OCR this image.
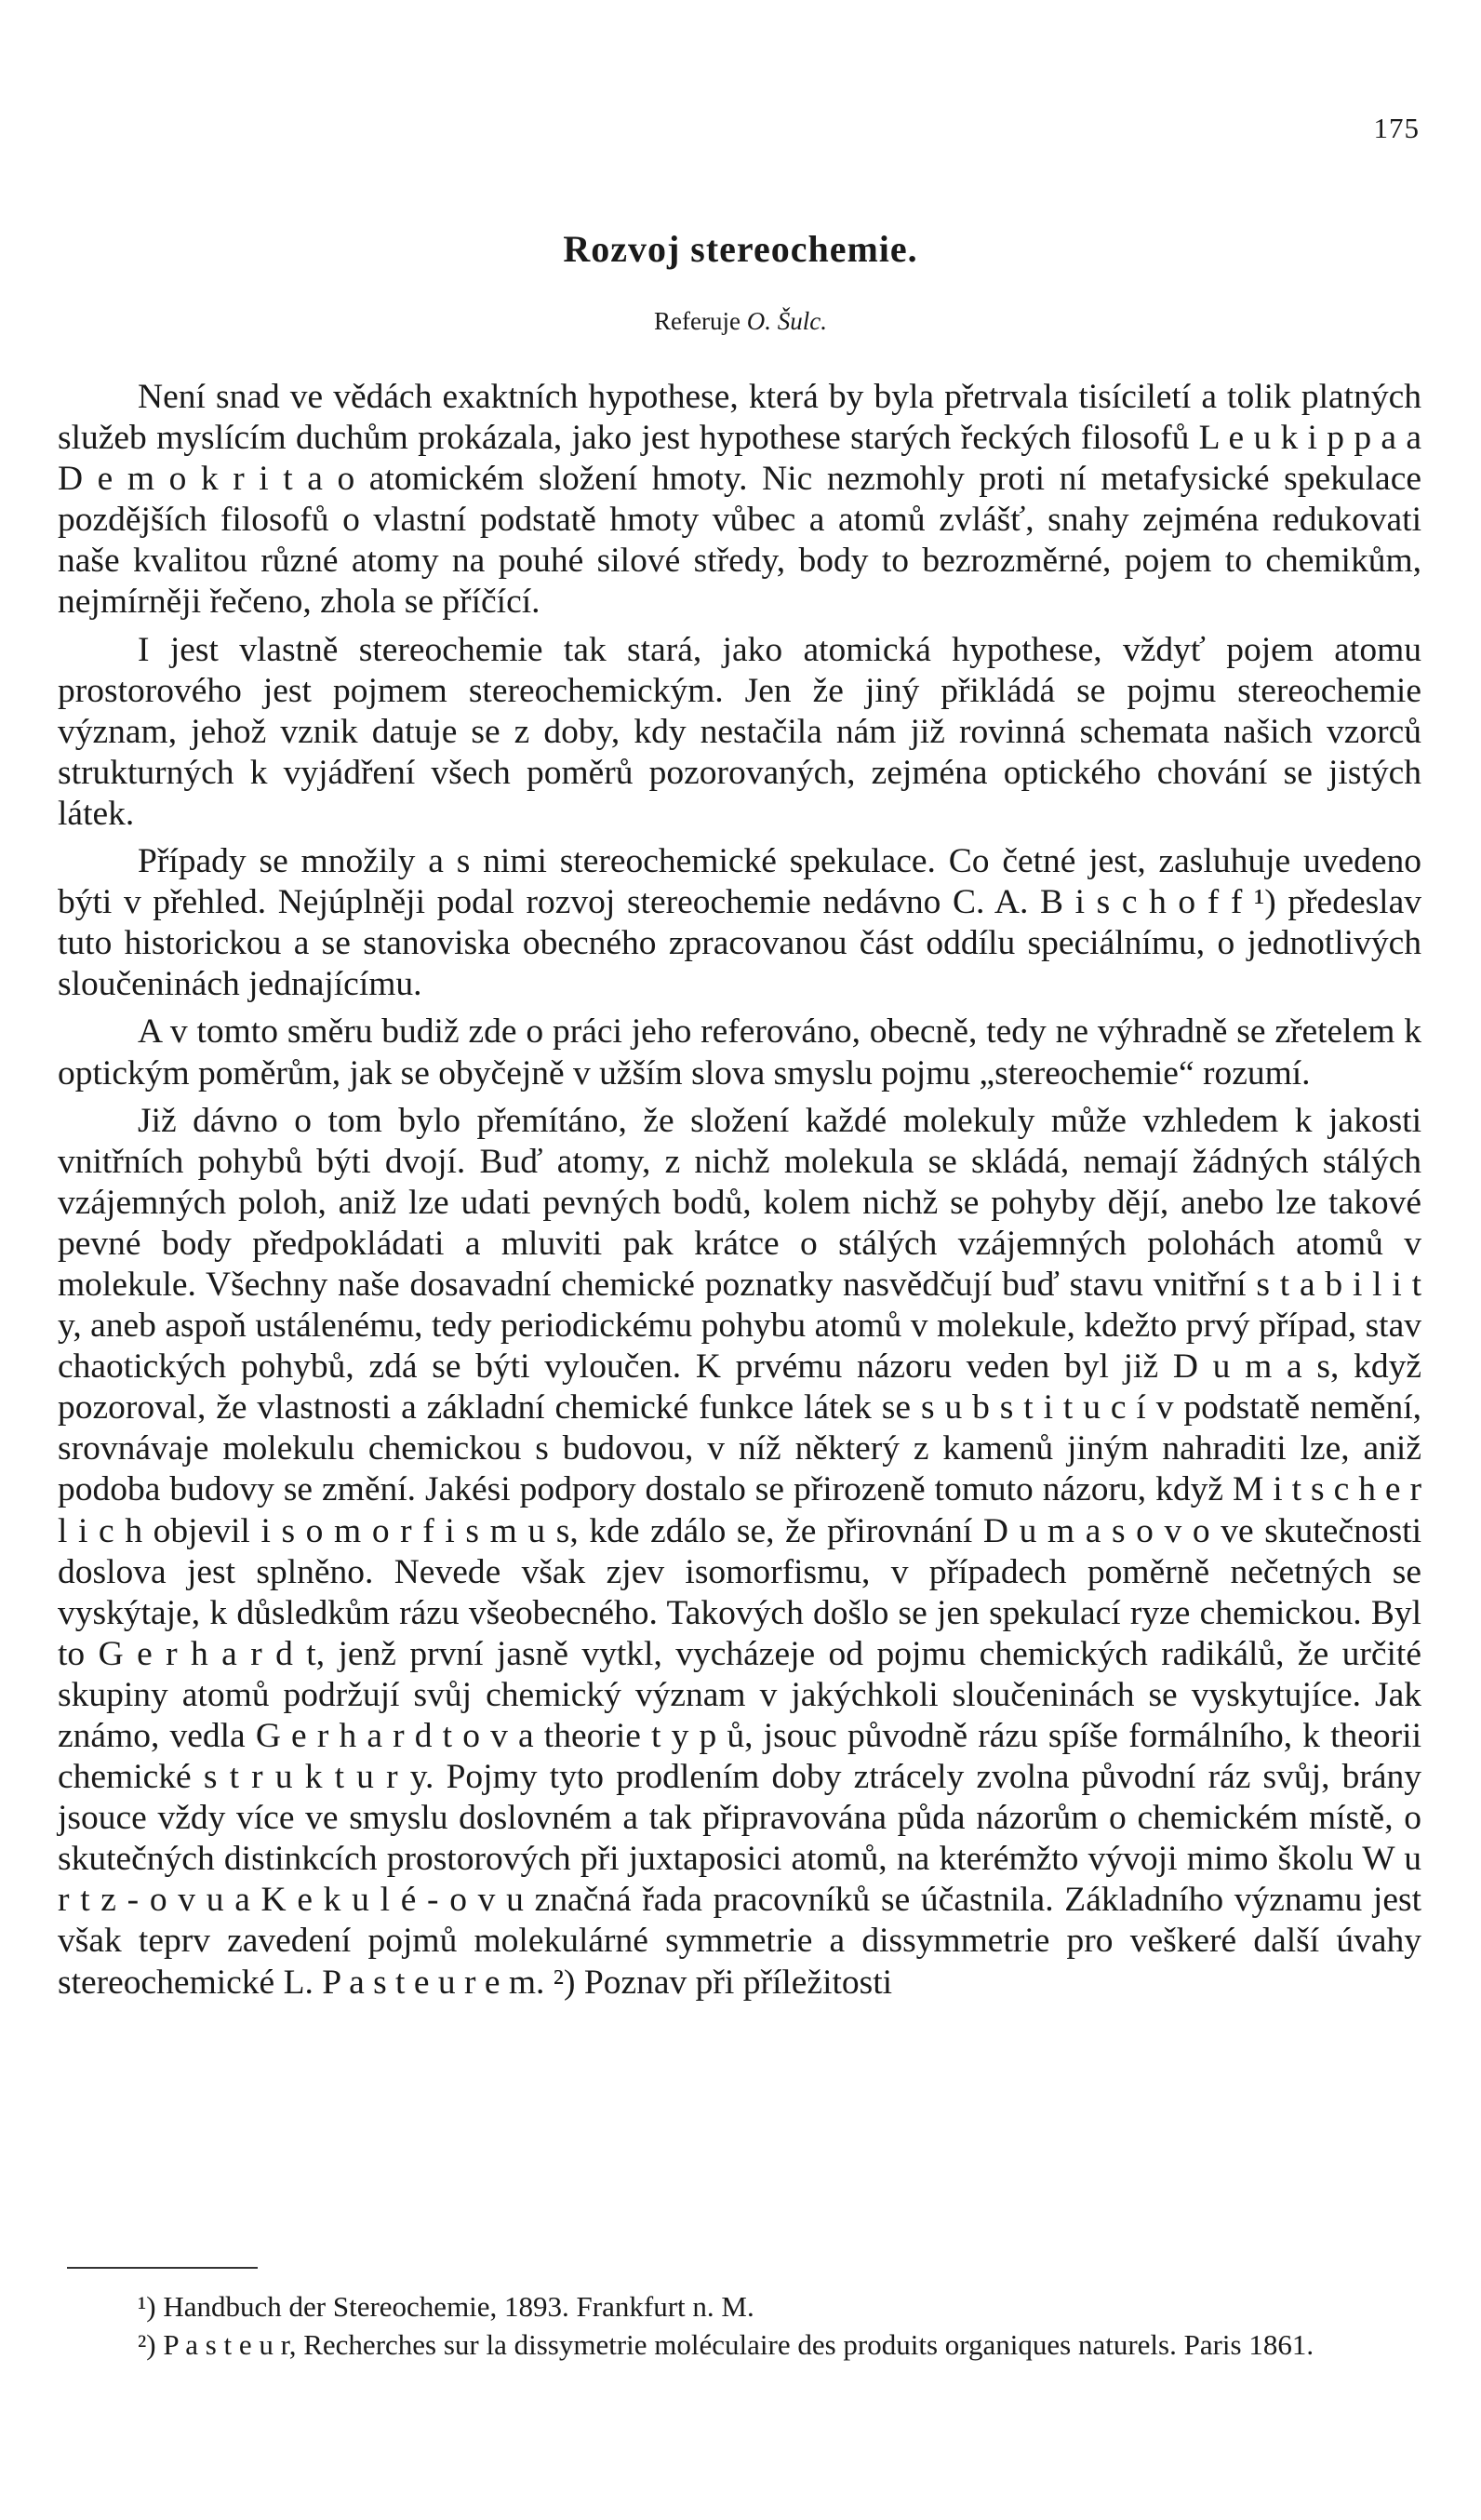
175
Rozvoj stereochemie.
Referuje O. Šulc.

Není snad ve vědách exaktních hypothese, která by byla přetrvala tisíciletí a tolik platných služeb myslícím duchům prokázala, jako jest hypothese starých řeckých filosofů L e u k i p p a a D e m o k r i t a o atomickém složení hmoty. Nic nezmohly proti ní metafysické spekulace pozdějších filosofů o vlastní podstatě hmoty vůbec a atomů zvlášť, snahy zejména redukovati naše kvalitou různé atomy na pouhé silové středy, body to bezrozměrné, pojem to chemikům, nejmírněji řečeno, zhola se příčící.

I jest vlastně stereochemie tak stará, jako atomická hypothese, vždyť pojem atomu prostorového jest pojmem stereochemickým. Jen že jiný přikládá se pojmu stereochemie význam, jehož vznik datuje se z doby, kdy nestačila nám již rovinná schemata našich vzorců strukturných k vyjádření všech poměrů pozorovaných, zejména optického chování se jistých látek.

Případy se množily a s nimi stereochemické spekulace. Co četné jest, zasluhuje uvedeno býti v přehled. Nejúplněji podal rozvoj stereochemie nedávno C. A. B i s c h o f f ¹) předeslav tuto historickou a se stanoviska obecného zpracovanou část oddílu speciálnímu, o jednotlivých sloučeninách jednajícímu.

A v tomto směru budiž zde o práci jeho referováno, obecně, tedy ne výhradně se zřetelem k optickým poměrům, jak se obyčejně v užším slova smyslu pojmu „stereochemie“ rozumí.

Již dávno o tom bylo přemítáno, že složení každé molekuly může vzhledem k jakosti vnitřních pohybů býti dvojí. Buď atomy, z nichž molekula se skládá, nemají žádných stálých vzájemných poloh, aniž lze udati pevných bodů, kolem nichž se pohyby dějí, anebo lze takové pevné body předpokládati a mluviti pak krátce o stálých vzájemných polohách atomů v molekule. Všechny naše dosavadní chemické poznatky nasvědčují buď stavu vnitřní s t a b i l i t y, aneb aspoň ustálenému, tedy periodickému pohybu atomů v molekule, kdežto prvý případ, stav chaotických pohybů, zdá se býti vyloučen. K prvému názoru veden byl již D u m a s, když pozoroval, že vlastnosti a základní chemické funkce látek se s u b s t i t u c í v podstatě nemění, srovnávaje molekulu chemickou s budovou, v níž některý z kamenů jiným nahraditi lze, aniž podoba budovy se změní. Jakési podpory dostalo se přirozeně tomuto názoru, když M i t s c h e r l i c h objevil i s o m o r f i s m u s, kde zdálo se, že přirovnání D u m a s o v o ve skutečnosti doslova jest splněno. Nevede však zjev isomorfismu, v případech poměrně nečetných se vyskýtaje, k důsledkům rázu všeobecného. Takových došlo se jen spekulací ryze chemickou. Byl to G e r h a r d t, jenž první jasně vytkl, vycházeje od pojmu chemických radikálů, že určité skupiny atomů podržují svůj chemický význam v jakýchkoli sloučeninách se vyskytujíce. Jak známo, vedla G e r h a r d t o v a theorie t y p ů, jsouc původně rázu spíše formálního, k theorii chemické s t r u k t u r y. Pojmy tyto prodlením doby ztrácely zvolna původní ráz svůj, brány jsouce vždy více ve smyslu doslovném a tak připravována půda názorům o chemickém místě, o skutečných distinkcích prostorových při juxtaposici atomů, na kterémžto vývoji mimo školu W u r t z - o v u a K e k u l é - o v u značná řada pracovníků se účastnila. Základního významu jest však teprv zavedení pojmů molekulárné symmetrie a dissymmetrie pro veškeré další úvahy stereochemické L. P a s t e u r e m. ²) Poznav při příležitosti

¹) Handbuch der Stereochemie, 1893. Frankfurt n. M.

²) P a s t e u r, Recherches sur la dissymetrie moléculaire des produits organiques naturels. Paris 1861.
